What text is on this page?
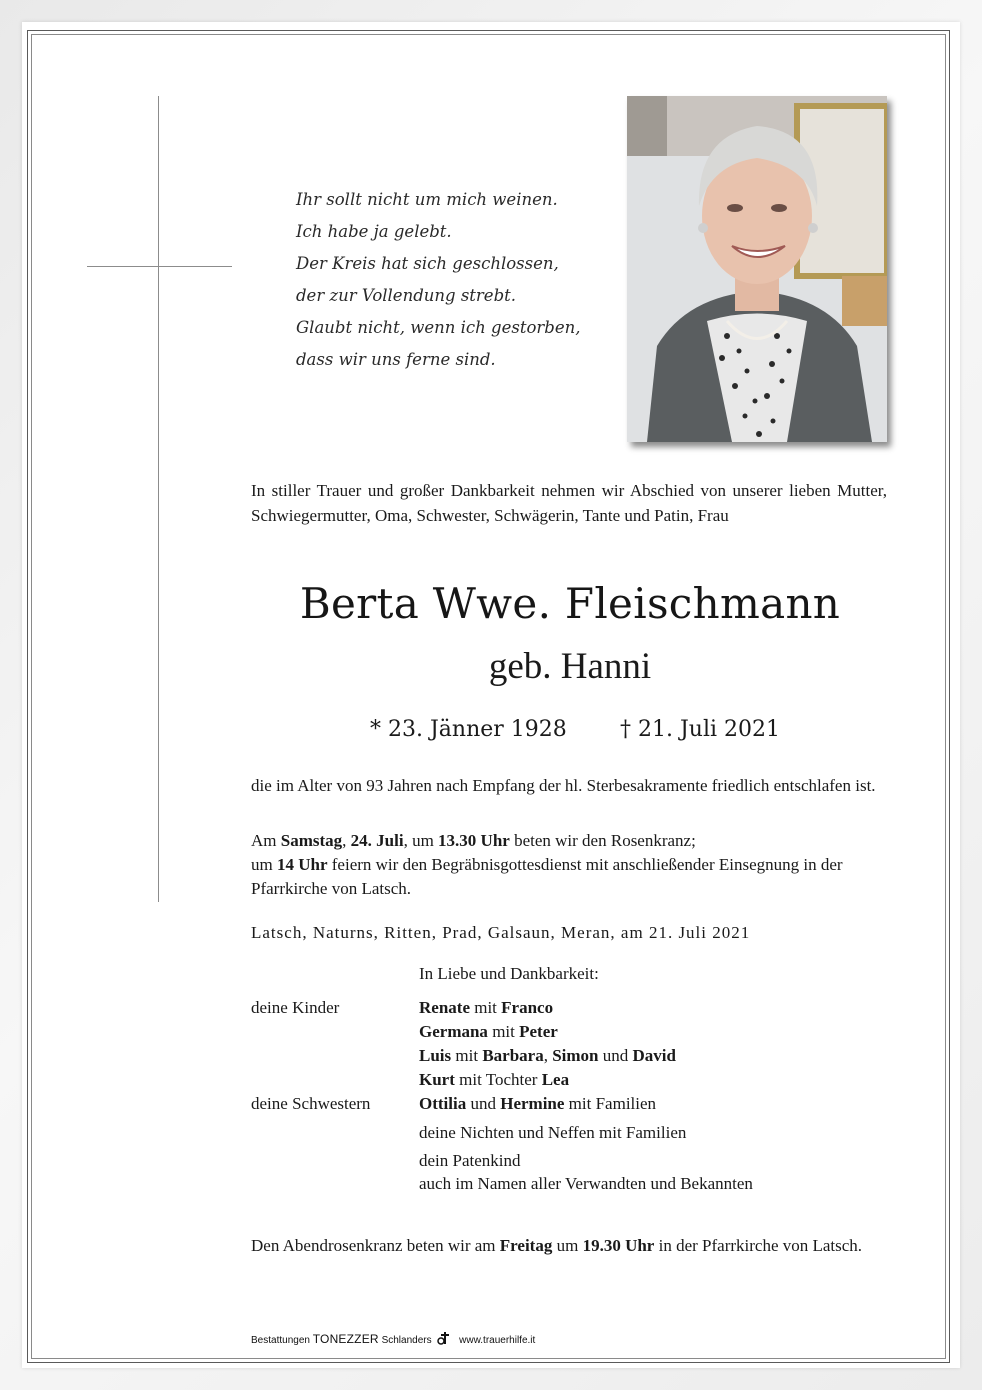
Ihr sollt nicht um mich weinen.
Ich habe ja gelebt.
Der Kreis hat sich geschlossen,
der zur Vollendung strebt.
Glaubt nicht, wenn ich gestorben,
dass wir uns ferne sind.
In stiller Trauer und großer Dankbarkeit nehmen wir Abschied von unserer lieben Mutter, Schwiegermutter, Oma, Schwester, Schwägerin, Tante und Patin, Frau
Berta Wwe. Fleischmann
geb. Hanni
* 23. Jänner 1928 † 21. Juli 2021
die im Alter von 93 Jahren nach Empfang der hl. Sterbesakramente friedlich entschlafen ist.
Am Samstag, 24. Juli, um 13.30 Uhr beten wir den Rosenkranz;
um 14 Uhr feiern wir den Begräbnisgottesdienst mit anschließender Einsegnung in der Pfarrkirche von Latsch.
Latsch, Naturns, Ritten, Prad, Galsaun, Meran, am 21. Juli 2021
In Liebe und Dankbarkeit:
deine Kinder	Renate mit Franco
Germana mit Peter
Luis mit Barbara, Simon und David
Kurt mit Tochter Lea
deine Schwestern	Ottilia und Hermine mit Familien
deine Nichten und Neffen mit Familien
dein Patenkind
auch im Namen aller Verwandten und Bekannten
Den Abendrosenkranz beten wir am Freitag um 19.30 Uhr in der Pfarrkirche von Latsch.
Bestattungen TONEZZER Schlanders	www.trauerhilfe.it
